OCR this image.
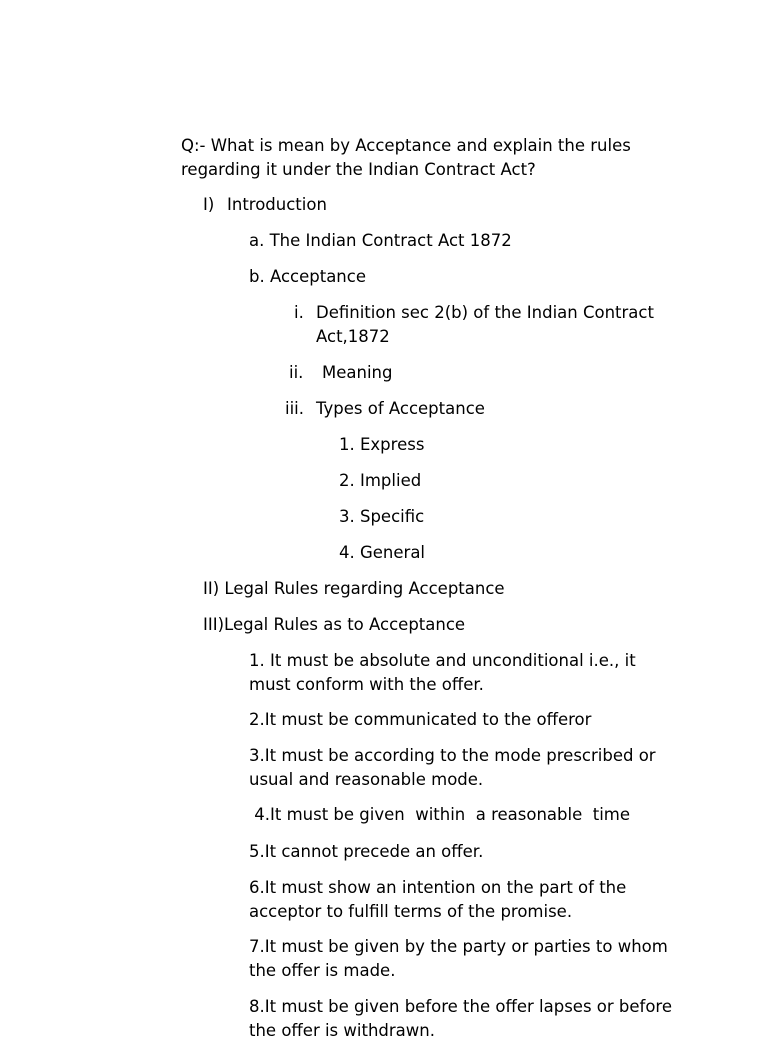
Q:- What is mean by Acceptance and explain the rules regarding it under the Indian Contract Act?
I) Introduction
a. The Indian Contract Act 1872
b. Acceptance
i. Definition sec 2(b) of the Indian Contract Act,1872
ii. Meaning
iii. Types of Acceptance
1. Express
2. Implied
3. Specific
4. General
II) Legal Rules regarding Acceptance
III)Legal Rules as to Acceptance
1. It must be absolute and unconditional i.e., it must conform with the offer.
2.It must be communicated to the offeror
3.It must be according to the mode prescribed or usual and reasonable mode.
4.It must be given  within  a reasonable  time
5.It cannot precede an offer.
6.It must show an intention on the part of the acceptor to fulfill terms of the promise.
7.It must be given by the party or parties to whom the offer is made.
8.It must be given before the offer lapses or before the offer is withdrawn.
